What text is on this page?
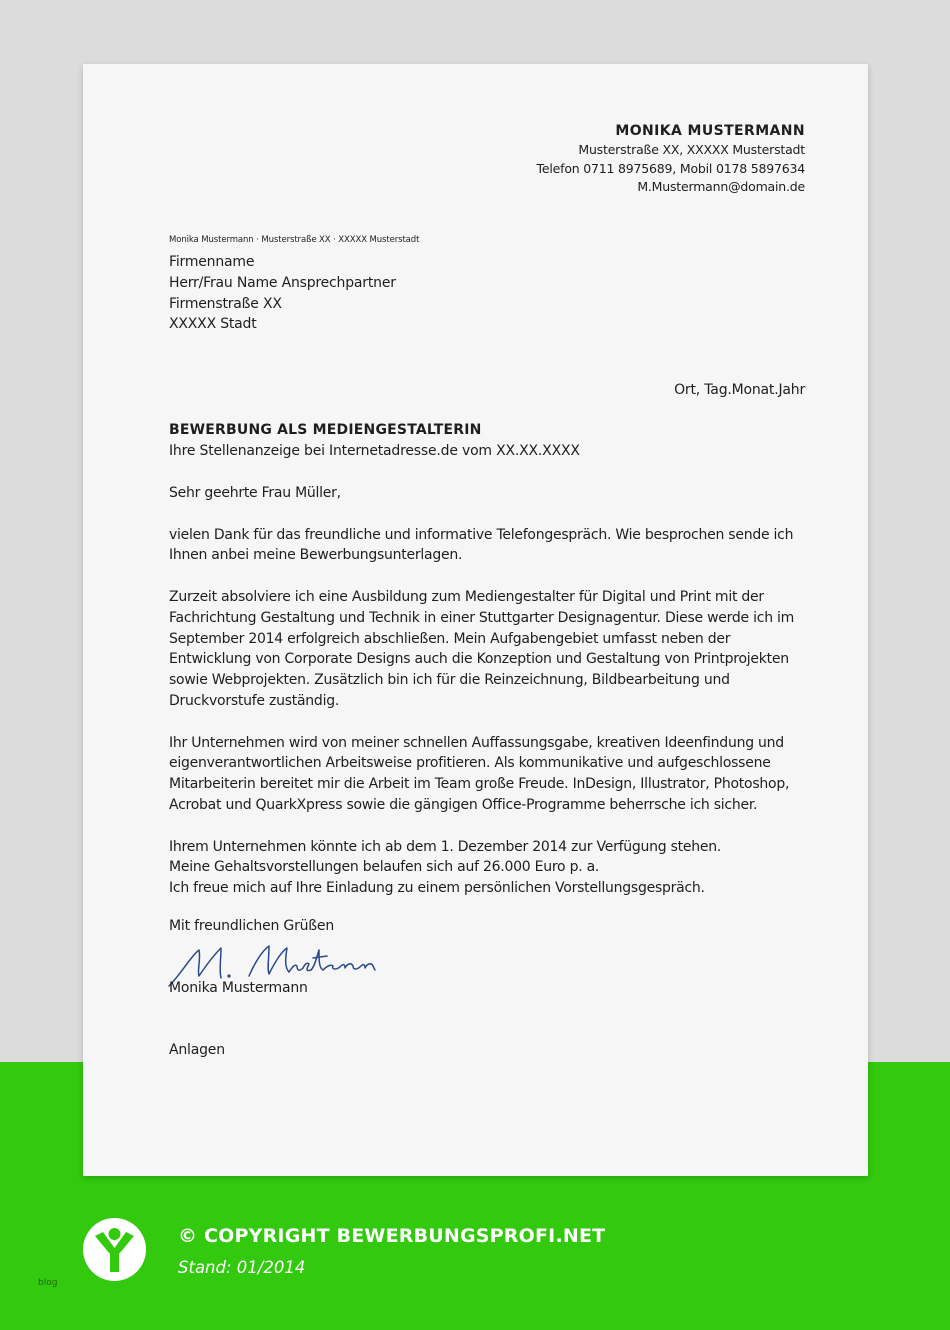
MONIKA MUSTERMANN
Musterstraße XX, XXXXX Musterstadt
Telefon 0711 8975689, Mobil 0178 5897634
M.Mustermann@domain.de
Monika Mustermann · Musterstraße XX · XXXXX Musterstadt
Firmenname
Herr/Frau Name Ansprechpartner
Firmenstraße XX
XXXXX Stadt
Ort, Tag.Monat.Jahr
BEWERBUNG ALS MEDIENGESTALTERIN
Ihre Stellenanzeige bei Internetadresse.de vom XX.XX.XXXX

Sehr geehrte Frau Müller,

vielen Dank für das freundliche und informative Telefongespräch. Wie besprochen sende ich Ihnen anbei meine Bewerbungsunterlagen.

Zurzeit absolviere ich eine Ausbildung zum Mediengestalter für Digital und Print mit der Fachrichtung Gestaltung und Technik in einer Stuttgarter Designagentur. Diese werde ich im September 2014 erfolgreich abschließen. Mein Aufgabengebiet umfasst neben der Entwicklung von Corporate Designs auch die Konzeption und Gestaltung von Printprojekten sowie Webprojekten. Zusätzlich bin ich für die Reinzeichnung, Bildbearbeitung und Druckvorstufe zuständig.

Ihr Unternehmen wird von meiner schnellen Auffassungsgabe, kreativen Ideenfindung und eigenverantwortlichen Arbeitsweise profitieren. Als kommunikative und aufgeschlossene Mitarbeiterin bereitet mir die Arbeit im Team große Freude. InDesign, Illustrator, Photoshop, Acrobat und QuarkXpress sowie die gängigen Office-Programme beherrsche ich sicher.

Ihrem Unternehmen könnte ich ab dem 1. Dezember 2014 zur Verfügung stehen.
Meine Gehaltsvorstellungen belaufen sich auf 26.000 Euro p. a.
Ich freue mich auf Ihre Einladung zu einem persönlichen Vorstellungsgespräch.
Mit freundlichen Grüßen
Monika Mustermann
Anlagen
© COPYRIGHT BEWERBUNGSPROFI.NET
Stand: 01/2014
blog
